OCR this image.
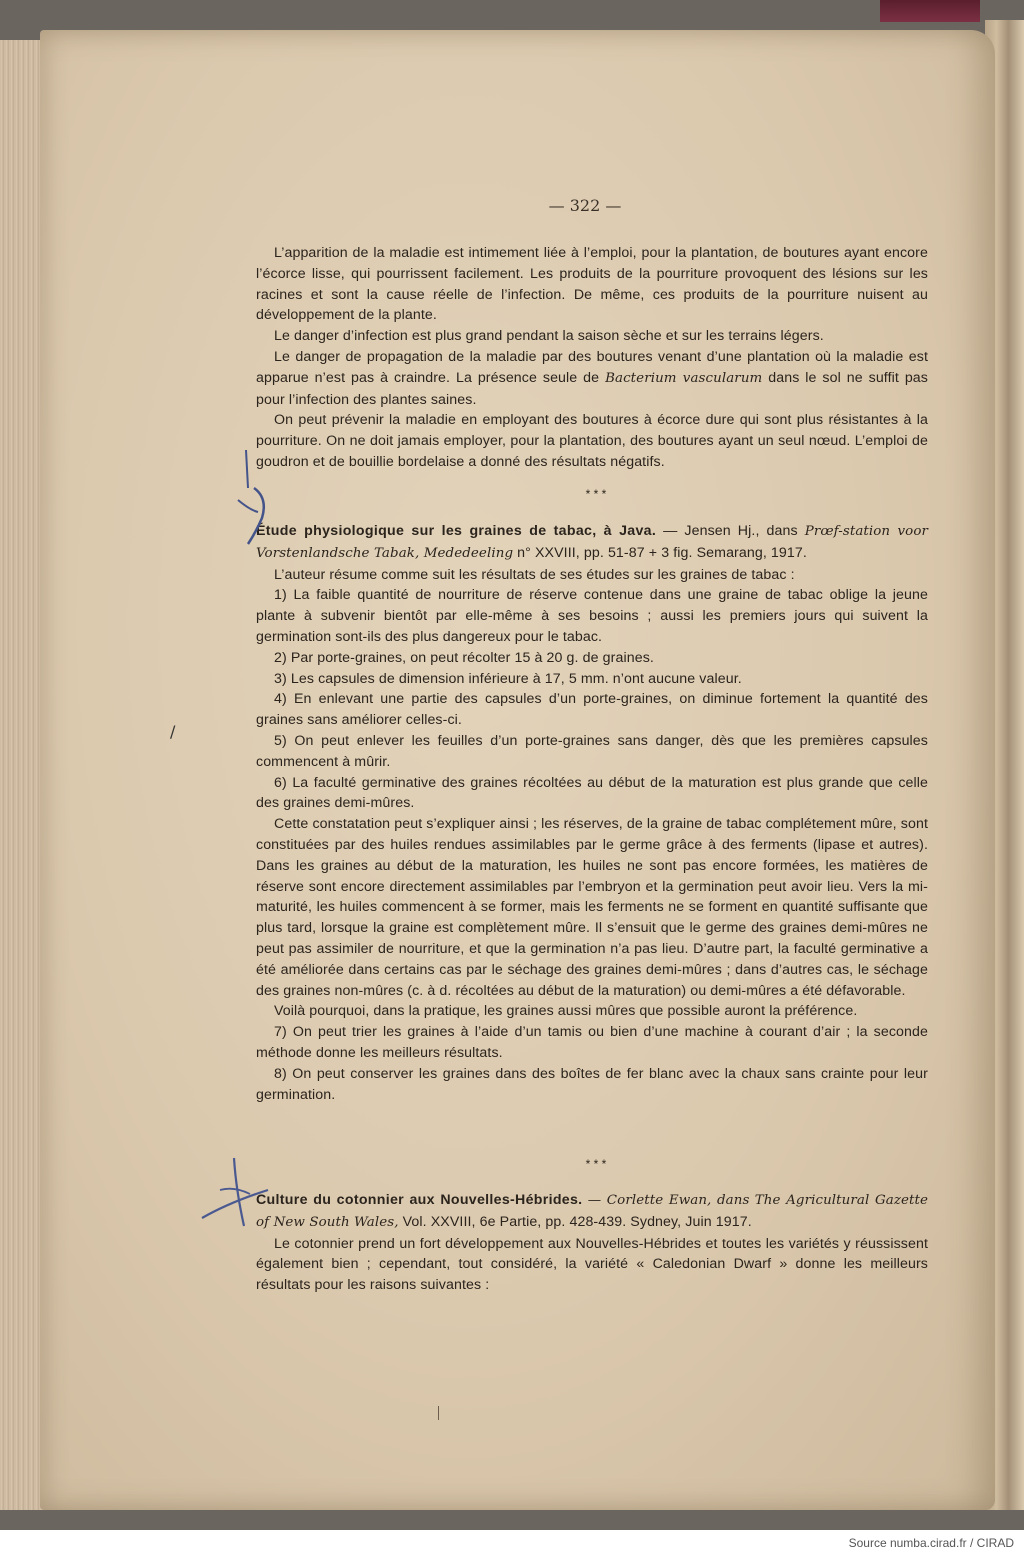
— 322 —

L’apparition de la maladie est intimement liée à l’emploi, pour la plantation, de boutures ayant encore l’écorce lisse, qui pourrissent facilement. Les produits de la pourriture provoquent des lésions sur les racines et sont la cause réelle de l’infection. De même, ces produits de la pourriture nuisent au développement de la plante.

Le danger d’infection est plus grand pendant la saison sèche et sur les terrains légers.

Le danger de propagation de la maladie par des boutures venant d’une plantation où la maladie est apparue n’est pas à craindre. La présence seule de Bacterium vascularum dans le sol ne suffit pas pour l’infection des plantes saines.

On peut prévenir la maladie en employant des boutures à écorce dure qui sont plus résistantes à la pourriture. On ne doit jamais employer, pour la plantation, des boutures ayant un seul nœud. L’emploi de goudron et de bouillie bordelaise a donné des résultats négatifs.

* * *

Étude physiologique sur les graines de tabac, à Java. — Jensen Hj., dans Prœf-station voor Vorstenlandsche Tabak, Mededeeling n° XXVIII, pp. 51-87 + 3 fig. Semarang, 1917.

L’auteur résume comme suit les résultats de ses études sur les graines de tabac :

1) La faible quantité de nourriture de réserve contenue dans une graine de tabac oblige la jeune plante à subvenir bientôt par elle-même à ses besoins ; aussi les premiers jours qui suivent la germination sont-ils des plus dangereux pour le tabac.

2) Par porte-graines, on peut récolter 15 à 20 g. de graines.

3) Les capsules de dimension inférieure à 17, 5 mm. n’ont aucune valeur.

4) En enlevant une partie des capsules d’un porte-graines, on diminue fortement la quantité des graines sans améliorer celles-ci.

5) On peut enlever les feuilles d’un porte-graines sans danger, dès que les premières capsules commencent à mûrir.

6) La faculté germinative des graines récoltées au début de la maturation est plus grande que celle des graines demi-mûres.

Cette constatation peut s’expliquer ainsi ; les réserves, de la graine de tabac complétement mûre, sont constituées par des huiles rendues assimilables par le germe grâce à des ferments (lipase et autres). Dans les graines au début de la maturation, les huiles ne sont pas encore formées, les matières de réserve sont encore directement assimilables par l’embryon et la germination peut avoir lieu. Vers la mi-maturité, les huiles commencent à se former, mais les ferments ne se forment en quantité suffisante que plus tard, lorsque la graine est complètement mûre. Il s’ensuit que le germe des graines demi-mûres ne peut pas assimiler de nourriture, et que la germination n’a pas lieu. D’autre part, la faculté germinative a été améliorée dans certains cas par le séchage des graines demi-mûres ; dans d’autres cas, le séchage des graines non-mûres (c. à d. récoltées au début de la maturation) ou demi-mûres a été défavorable.

Voilà pourquoi, dans la pratique, les graines aussi mûres que possible auront la préférence.

7) On peut trier les graines à l’aide d’un tamis ou bien d’une machine à courant d’air ; la seconde méthode donne les meilleurs résultats.

8) On peut conserver les graines dans des boîtes de fer blanc avec la chaux sans crainte pour leur germination.

* * *

Culture du cotonnier aux Nouvelles-Hébrides. — Corlette Ewan, dans The Agricultural Gazette of New South Wales, Vol. XXVIII, 6e Partie, pp. 428-439. Sydney, Juin 1917.

Le cotonnier prend un fort développement aux Nouvelles-Hébrides et toutes les variétés y réussissent également bien ; cependant, tout considéré, la variété « Caledonian Dwarf » donne les meilleurs résultats pour les raisons suivantes :

/
Source numba.cirad.fr / CIRAD
